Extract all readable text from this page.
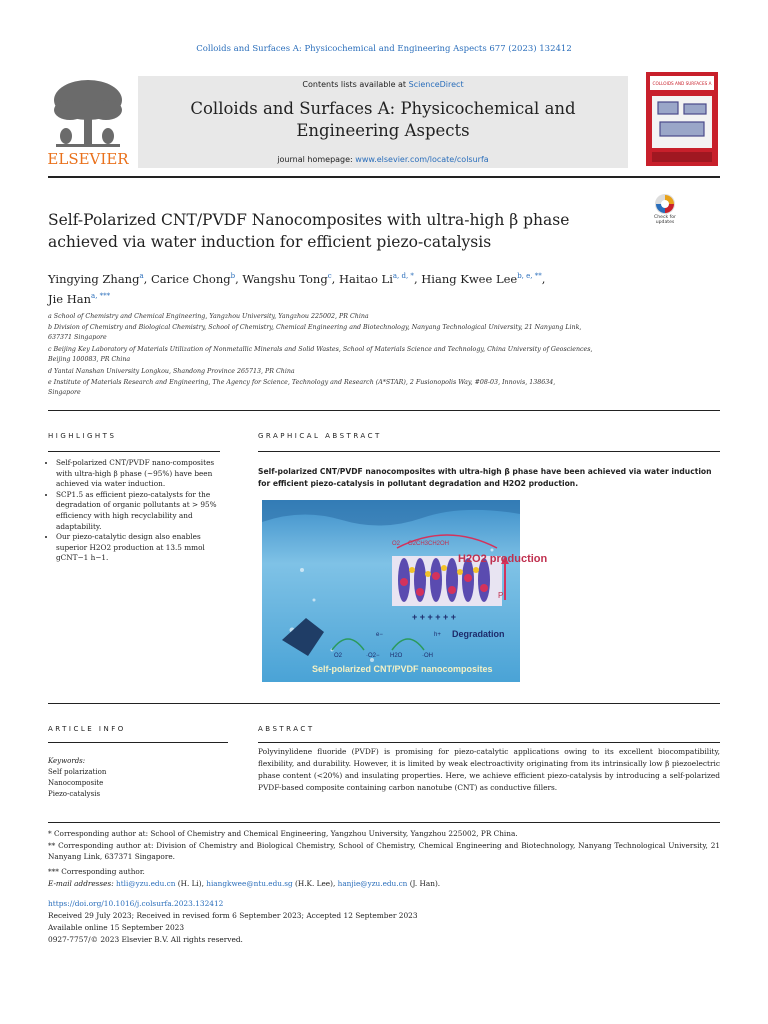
Colloids and Surfaces A: Physicochemical and Engineering Aspects 677 (2023) 132412
Contents lists available at ScienceDirect
Colloids and Surfaces A: Physicochemical and Engineering Aspects
journal homepage: www.elsevier.com/locate/colsurfa
ELSEVIER
COLLOIDS AND SURFACES A
Self-Polarized CNT/PVDF Nanocomposites with ultra-high β phase
achieved via water induction for efficient piezo-catalysis
Check for updates
Yingying Zhang$^a$, Carice Chong$^b$, Wangshu Tong$^c$, Haitao $Li^{a, d, *}$, Hiang Kwee Lee$^{b, e, **}$,
Jie Han$^{a, ***}$
a School of Chemistry and Chemical Engineering, Yangzhou University, Yangzhou 225002, PR China
b Division of Chemistry and Biological Chemistry, School of Chemistry, Chemical Engineering and Biotechnology, Nanyang Technological University, 21 Nanyang Link,
637371 Singapore
c Beijing Key Laboratory of Materials Utilization of Nonmetallic Minerals and Solid Wastes, School of Materials Science and Technology, China University of Geosciences,
Beijing 100083, PR China
d Yantai Nanshan University Longkou, Shandong Province 265713, PR China
e Institute of Materials Research and Engineering, The Agency for Science, Technology and Research (A*STAR), 2 Fusionopolis Way, #08-03, Innovis, 138634,
Singapore
HIGHLIGHTS
• Self-polarized CNT/PVDF nano-composites with ultra-high β phase (~95%) have been achieved via water induction.
• SCP1.5 as efficient piezo-catalysts for the degradation of organic pollutants at > 95% efficiency with high recyclability and adaptability.
• Our piezo-catalytic design also enables superior H2O2 production at 13.5 mmol gCNT−1 h−1.
GRAPHICAL ABSTRACT
Self-polarized CNT/PVDF nanocomposites with ultra-high β phase have been achieved via water induction for efficient piezo-catalysis in pollutant degradation and H2O2 production.
H2O2 production
O2 O2CH3CH2OH
P
+ + + + + +
Degradation
e−	h+
O2	·O2− H2O	·OH
Self-polarized CNT/PVDF nanocomposites
ARTICLE INFO
Keywords:
Self polarization
Nanocomposite
Piezo-catalysis
ABSTRACT
Polyvinylidene fluoride (PVDF) is promising for piezo-catalytic applications owing to its excellent biocompatibility, flexibility, and durability. However, it is limited by weak electroactivity originating from its intrinsically low β piezoelectric phase content (<20%) and insulating properties. Here, we achieve efficient piezo-catalysis by introducing a self-polarized PVDF-based composite containing carbon nanotube (CNT) as conductive fillers.
* Corresponding author at: School of Chemistry and Chemical Engineering, Yangzhou University, Yangzhou 225002, PR China.
** Corresponding author at: Division of Chemistry and Biological Chemistry, School of Chemistry, Chemical Engineering and Biotechnology, Nanyang Technological University, 21 Nanyang Link, 637371 Singapore.
*** Corresponding author.
E-mail addresses: htli@yzu.edu.cn (H. Li), hiangkwee@ntu.edu.sg (H.K. Lee), hanjie@yzu.edu.cn (J. Han).
https://doi.org/10.1016/j.colsurfa.2023.132412
Received 29 July 2023; Received in revised form 6 September 2023; Accepted 12 September 2023
Available online 15 September 2023
0927-7757/© 2023 Elsevier B.V. All rights reserved.
